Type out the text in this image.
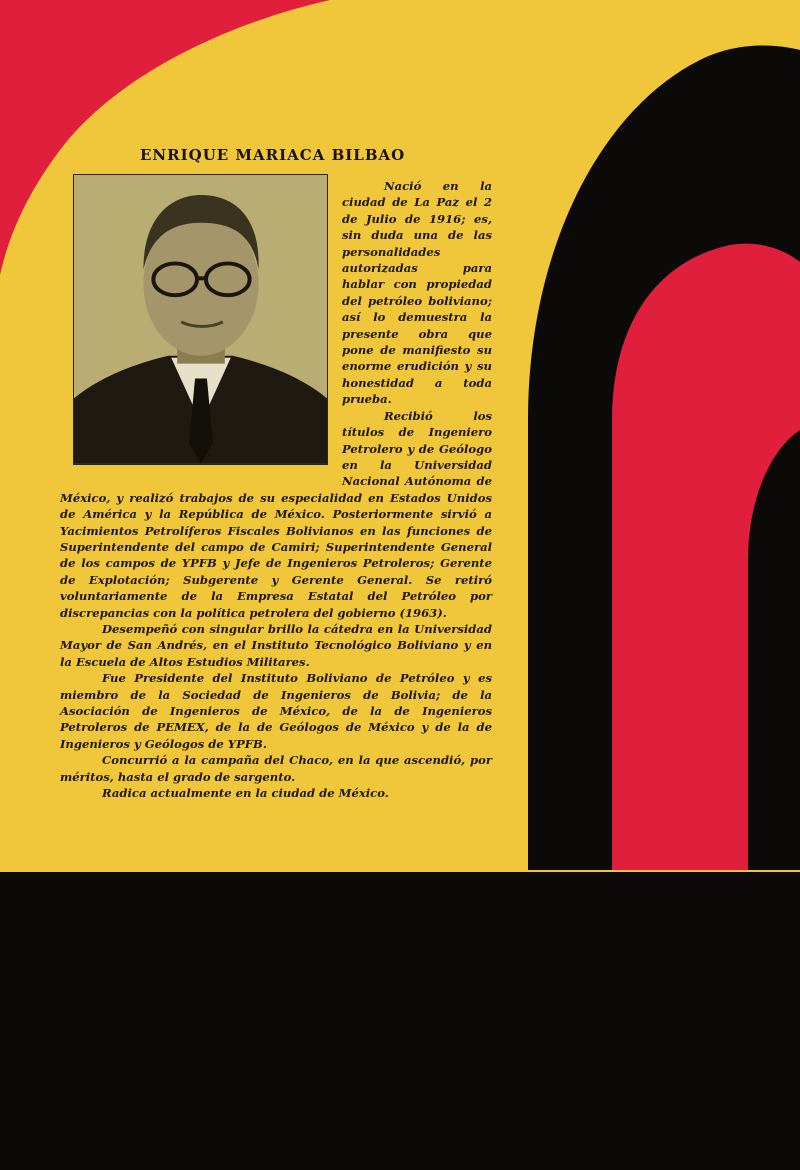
ENRIQUE MARIACA BILBAO

Nació en la ciudad de La Paz el 2 de Julio de 1916; es, sin duda una de las personalidades autorizadas para hablar con propiedad del petróleo boliviano; así lo demuestra la presente obra que pone de manifiesto su enorme erudición y su honestidad a toda prueba.

Recibió los títulos de Ingeniero Petrolero y de Geólogo en la Universidad Nacional Autónoma de México, y realizó trabajos de su especialidad en Estados Unidos de América y la República de México. Posteriormente sirvió a Yacimientos Petrolíferos Fiscales Bolivianos en las funciones de Superintendente del campo de Camiri; Superintendente General de los campos de YPFB y Jefe de Ingenieros Petroleros; Gerente de Explotación; Subgerente y Gerente General. Se retiró voluntariamente de la Empresa Estatal del Petróleo por discrepancias con la política petrolera del gobierno (1963).

Desempeñó con singular brillo la cátedra en la Universidad Mayor de San Andrés, en el Instituto Tecnológico Boliviano y en la Escuela de Altos Estudios Militares.

Fue Presidente del Instituto Boliviano de Petróleo y es miembro de la Sociedad de Ingenieros de Bolivia; de la Asociación de Ingenieros de México, de la de Ingenieros Petroleros de PEMEX, de la de Geólogos de México y de la de Ingenieros y Geólogos de YPFB.

Concurrió a la campaña del Chaco, en la que ascendió, por méritos, hasta el grado de sargento.

Radica actualmente en la ciudad de México.
